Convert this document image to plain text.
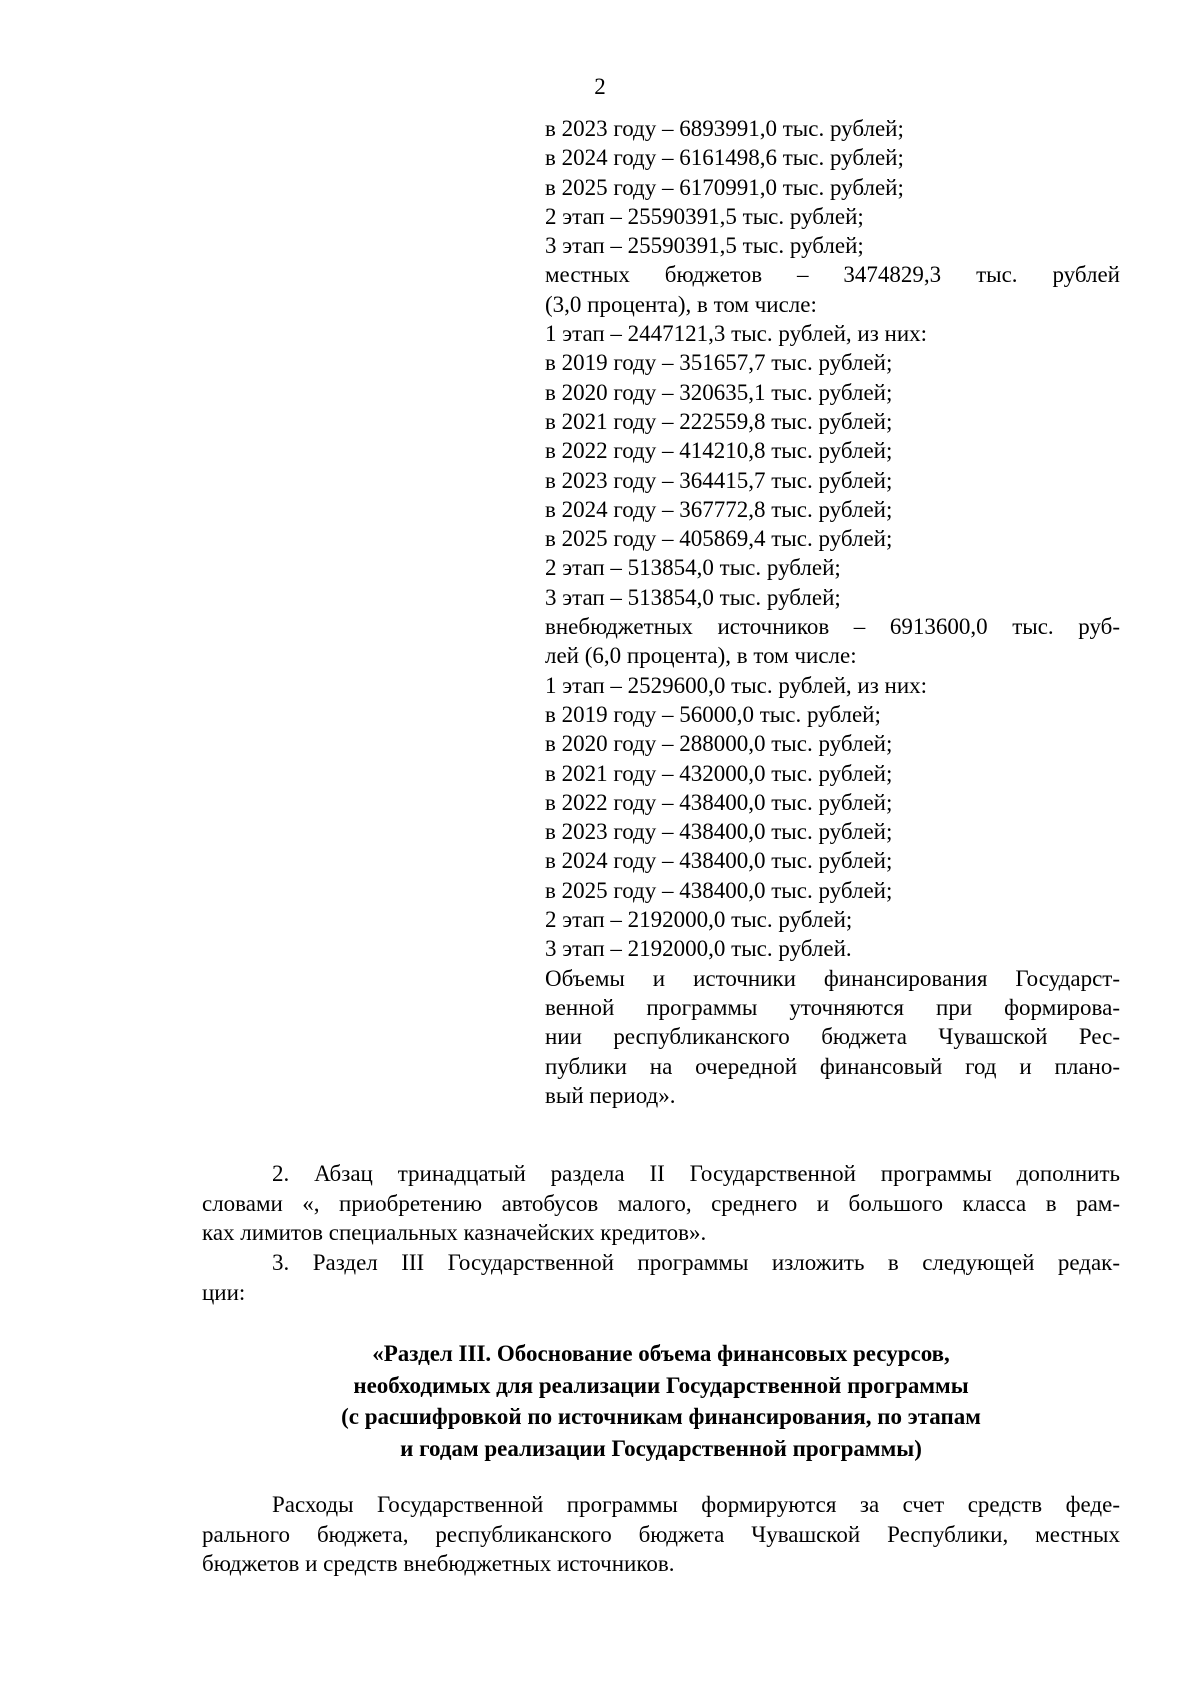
2
в 2023 году – 6893991,0 тыс. рублей;
в 2024 году – 6161498,6 тыс. рублей;
в 2025 году – 6170991,0 тыс. рублей;
2 этап – 25590391,5 тыс. рублей;
3 этап – 25590391,5 тыс. рублей;
местных бюджетов – 3474829,3 тыс. рублей
(3,0 процента), в том числе:
1 этап – 2447121,3 тыс. рублей, из них:
в 2019 году – 351657,7 тыс. рублей;
в 2020 году – 320635,1 тыс. рублей;
в 2021 году – 222559,8 тыс. рублей;
в 2022 году – 414210,8 тыс. рублей;
в 2023 году – 364415,7 тыс. рублей;
в 2024 году – 367772,8 тыс. рублей;
в 2025 году – 405869,4 тыс. рублей;
2 этап – 513854,0 тыс. рублей;
3 этап – 513854,0 тыс. рублей;
внебюджетных источников – 6913600,0 тыс. руб-
лей (6,0 процента), в том числе:
1 этап – 2529600,0 тыс. рублей, из них:
в 2019 году – 56000,0 тыс. рублей;
в 2020 году – 288000,0 тыс. рублей;
в 2021 году – 432000,0 тыс. рублей;
в 2022 году – 438400,0 тыс. рублей;
в 2023 году – 438400,0 тыс. рублей;
в 2024 году – 438400,0 тыс. рублей;
в 2025 году – 438400,0 тыс. рублей;
2 этап – 2192000,0 тыс. рублей;
3 этап – 2192000,0 тыс. рублей.
Объемы и источники финансирования Государст-
венной программы уточняются при формирова-
нии республиканского бюджета Чувашской Рес-
публики на очередной финансовый год и плано-
вый период».
2. Абзац тринадцатый раздела II Государственной программы дополнить
словами «, приобретению автобусов малого, среднего и большого класса в рам-
ках лимитов специальных казначейских кредитов».
3. Раздел III Государственной программы изложить в следующей редак-
ции:
«Раздел III. Обоснование объема финансовых ресурсов,
необходимых для реализации Государственной программы
(с расшифровкой по источникам финансирования, по этапам
и годам реализации Государственной программы)
Расходы Государственной программы формируются за счет средств феде-
рального бюджета, республиканского бюджета Чувашской Республики, местных
бюджетов и средств внебюджетных источников.
